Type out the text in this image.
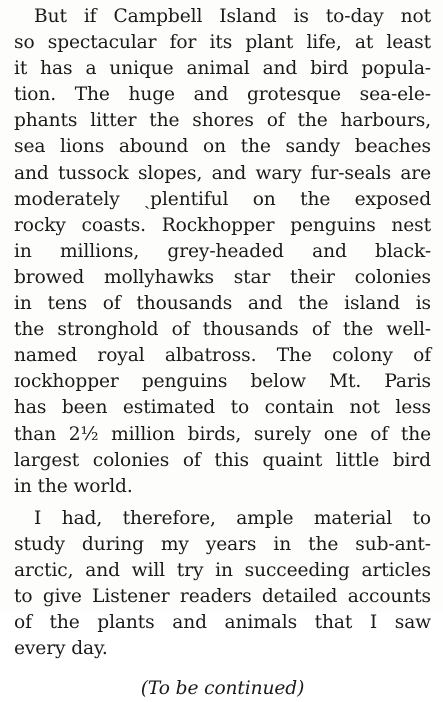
But if Campbell Island is to-day not
so spectacular for its plant life, at least
it has a unique animal and bird popula-
tion. The huge and grotesque sea-ele-
phants litter the shores of the harbours,
sea lions abound on the sandy beaches
and tussock slopes, and wary fur-seals are
moderately ˏplentiful on the exposed
rocky coasts. Rockhopper penguins nest
in millions, grey-headed and black-
browed mollyhawks star their colonies
in tens of thousands and the island is
the stronghold of thousands of the well-
named royal albatross. The colony of
ɪockhopper penguins below Mt. Paris
has been estimated to contain not less
than 2½ million birds, surely one of the
largest colonies of this quaint little bird
in the world.
I had, therefore, ample material to
study during my years in the sub-ant-
arctic, and will try in succeeding articles
to give Listener readers detailed accounts
of the plants and animals that I saw
every day.
(To be continued)
